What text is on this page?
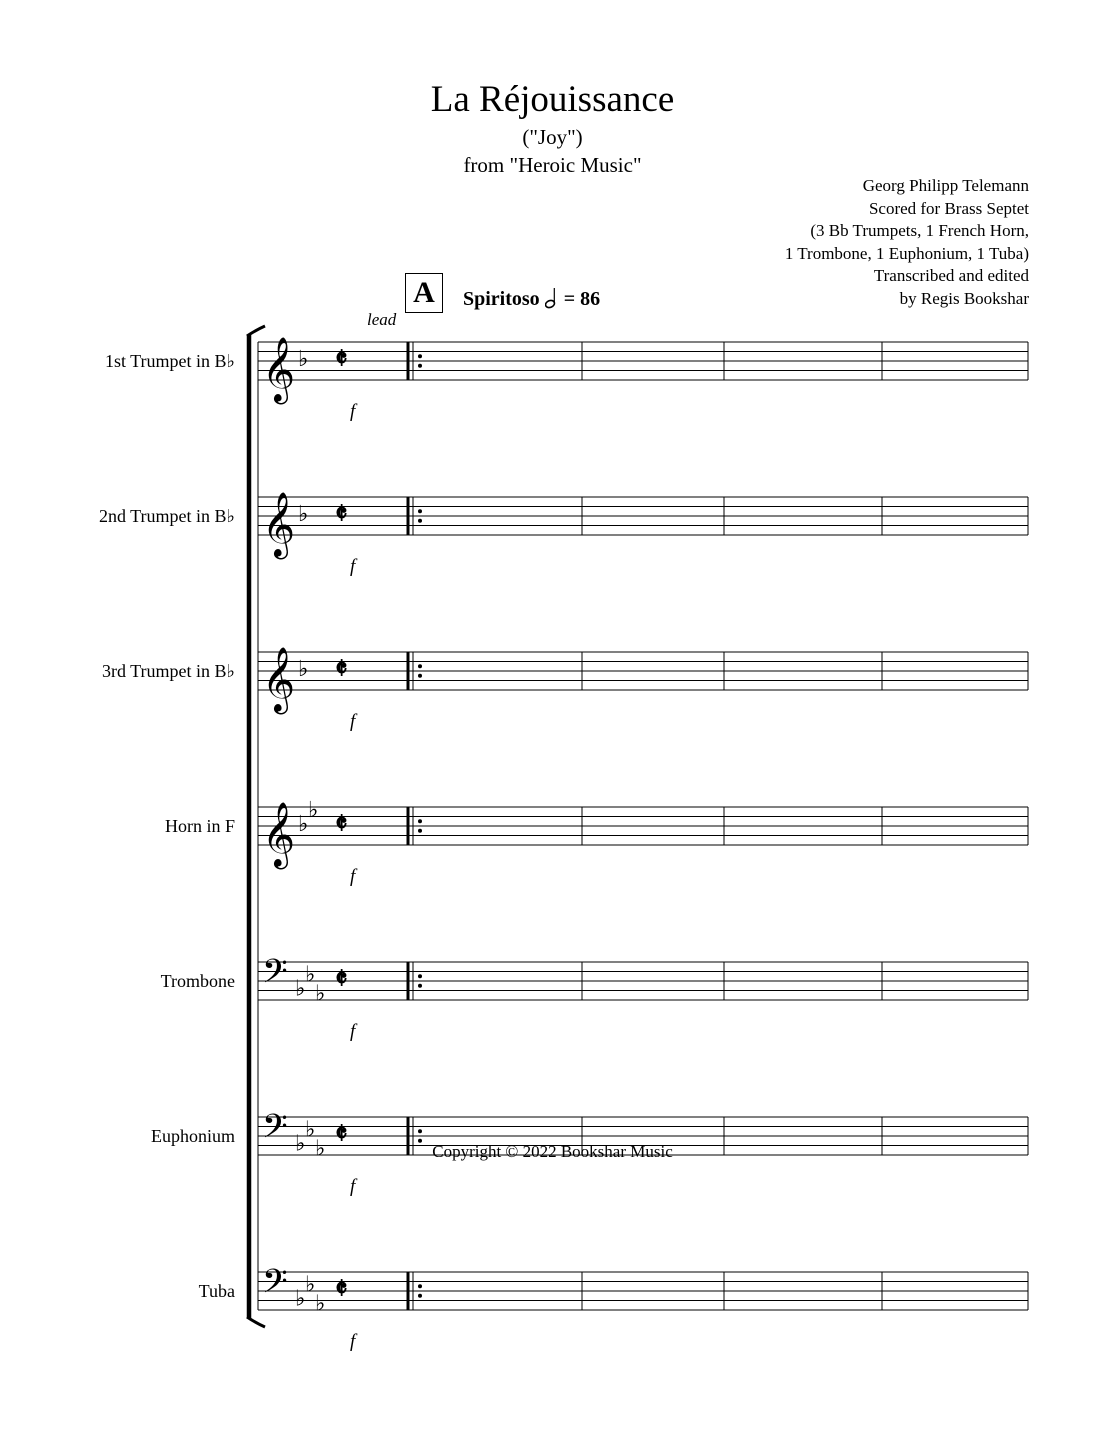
La Réjouissance
("Joy")
from "Heroic Music"
Georg Philipp Telemann
Scored for Brass Septet
(3 Bb Trumpets, 1 French Horn,
1 Trombone, 1 Euphonium, 1 Tuba)
Transcribed and edited
by Regis Bookshar
A	Spiritoso = 86
1st Trumpet in B♭
2nd Trumpet in B♭
3rd Trumpet in B♭
Horn in F
Trombone
Euphonium
Tuba
𝄞 ♭ 𝄵
f
𝄞 ♭ 𝄵
f
𝄞 ♭ 𝄵
f
𝄞 ♭
♭ 𝄵
f
𝄢 ♭
♭
♭ 𝄵
f
𝄢 ♭
♭
♭ 𝄵
f
𝄢 ♭
♭
♭ 𝄵
f
lead
Copyright © 2022 Bookshar Music
